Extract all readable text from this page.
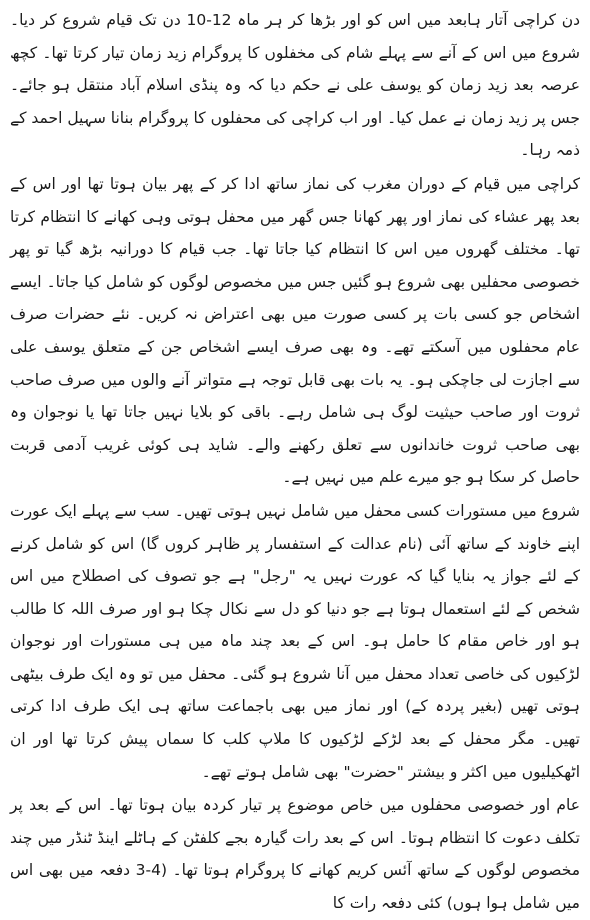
دن کراچی آتار ہابعد میں اس کو اور بڑھا کر ہر ماہ 12-10 دن تک قیام شروع کر دیا۔ شروع میں اس کے آنے سے پہلے شام کی مخفلوں کا پروگرام زید زمان تیار کرتا تھا۔ کچھ عرصہ بعد زید زمان کو یوسف علی نے حکم دیا کہ وہ پنڈی اسلام آباد منتقل ہو جائے۔ جس پر زید زمان نے عمل کیا۔ اور اب کراچی کی محفلوں کا پروگرام بنانا سہیل احمد کے ذمہ رہا۔

کراچی میں قیام کے دوران مغرب کی نماز ساتھ ادا کر کے پھر بیان ہوتا تھا اور اس کے بعد پھر عشاء کی نماز اور پھر کھانا جس گھر میں محفل ہوتی وہی کھانے کا انتظام کرتا تھا۔ مختلف گھروں میں اس کا انتظام کیا جاتا تھا۔ جب قیام کا دورانیہ بڑھ گیا تو پھر خصوصی محفلیں بھی شروع ہو گئیں جس میں مخصوص لوگوں کو شامل کیا جاتا۔ ایسے اشخاص جو کسی بات پر کسی صورت میں بھی اعتراض نہ کریں۔ نئے حضرات صرف عام محفلوں میں آسکتے تھے۔ وہ بھی صرف ایسے اشخاص جن کے متعلق یوسف علی سے اجازت لی جاچکی ہو۔ یہ بات بھی قابل توجہ ہے متواتر آنے والوں میں صرف صاحب ثروت اور صاحب حیثیت لوگ ہی شامل رہے۔ باقی کو بلایا نہیں جاتا تھا یا نوجوان وہ بھی صاحب ثروت خاندانوں سے تعلق رکھنے والے۔ شاید ہی کوئی غریب آدمی قربت حاصل کر سکا ہو جو میرے علم میں نہیں ہے۔

شروع میں مستورات کسی محفل میں شامل نہیں ہوتی تھیں۔ سب سے پہلے ایک عورت اپنے خاوند کے ساتھ آئی (نام عدالت کے استفسار پر ظاہر کروں گا) اس کو شامل کرنے کے لئے جواز یہ بنایا گیا کہ عورت نہیں یہ "رجل" ہے جو تصوف کی اصطلاح میں اس شخص کے لئے استعمال ہوتا ہے جو دنیا کو دل سے نکال چکا ہو اور صرف اللہ کا طالب ہو اور خاص مقام کا حامل ہو۔ اس کے بعد چند ماہ میں ہی مستورات اور نوجوان لڑکیوں کی خاصی تعداد محفل میں آنا شروع ہو گئی۔ محفل میں تو وہ ایک طرف بیٹھی ہوتی تھیں (بغیر پردہ کے) اور نماز میں بھی باجماعت ساتھ ہی ایک طرف ادا کرتی تھیں۔ مگر محفل کے بعد لڑکے لڑکیوں کا ملاپ کلب کا سماں پیش کرتا تھا اور ان اٹھکیلیوں میں اکثر و بیشتر "حضرت" بھی شامل ہوتے تھے۔

عام اور خصوصی محفلوں میں خاص موضوع پر تیار کردہ بیان ہوتا تھا۔ اس کے بعد پر تکلف دعوت کا انتظام ہوتا۔ اس کے بعد رات گیارہ بجے کلفٹن کے ہاٹلے اینڈ ٹنڈر میں چند مخصوص لوگوں کے ساتھ آئس کریم کھانے کا پروگرام ہوتا تھا۔ (4-3 دفعہ میں بھی اس میں شامل ہوا ہوں) کئی دفعہ رات کا
